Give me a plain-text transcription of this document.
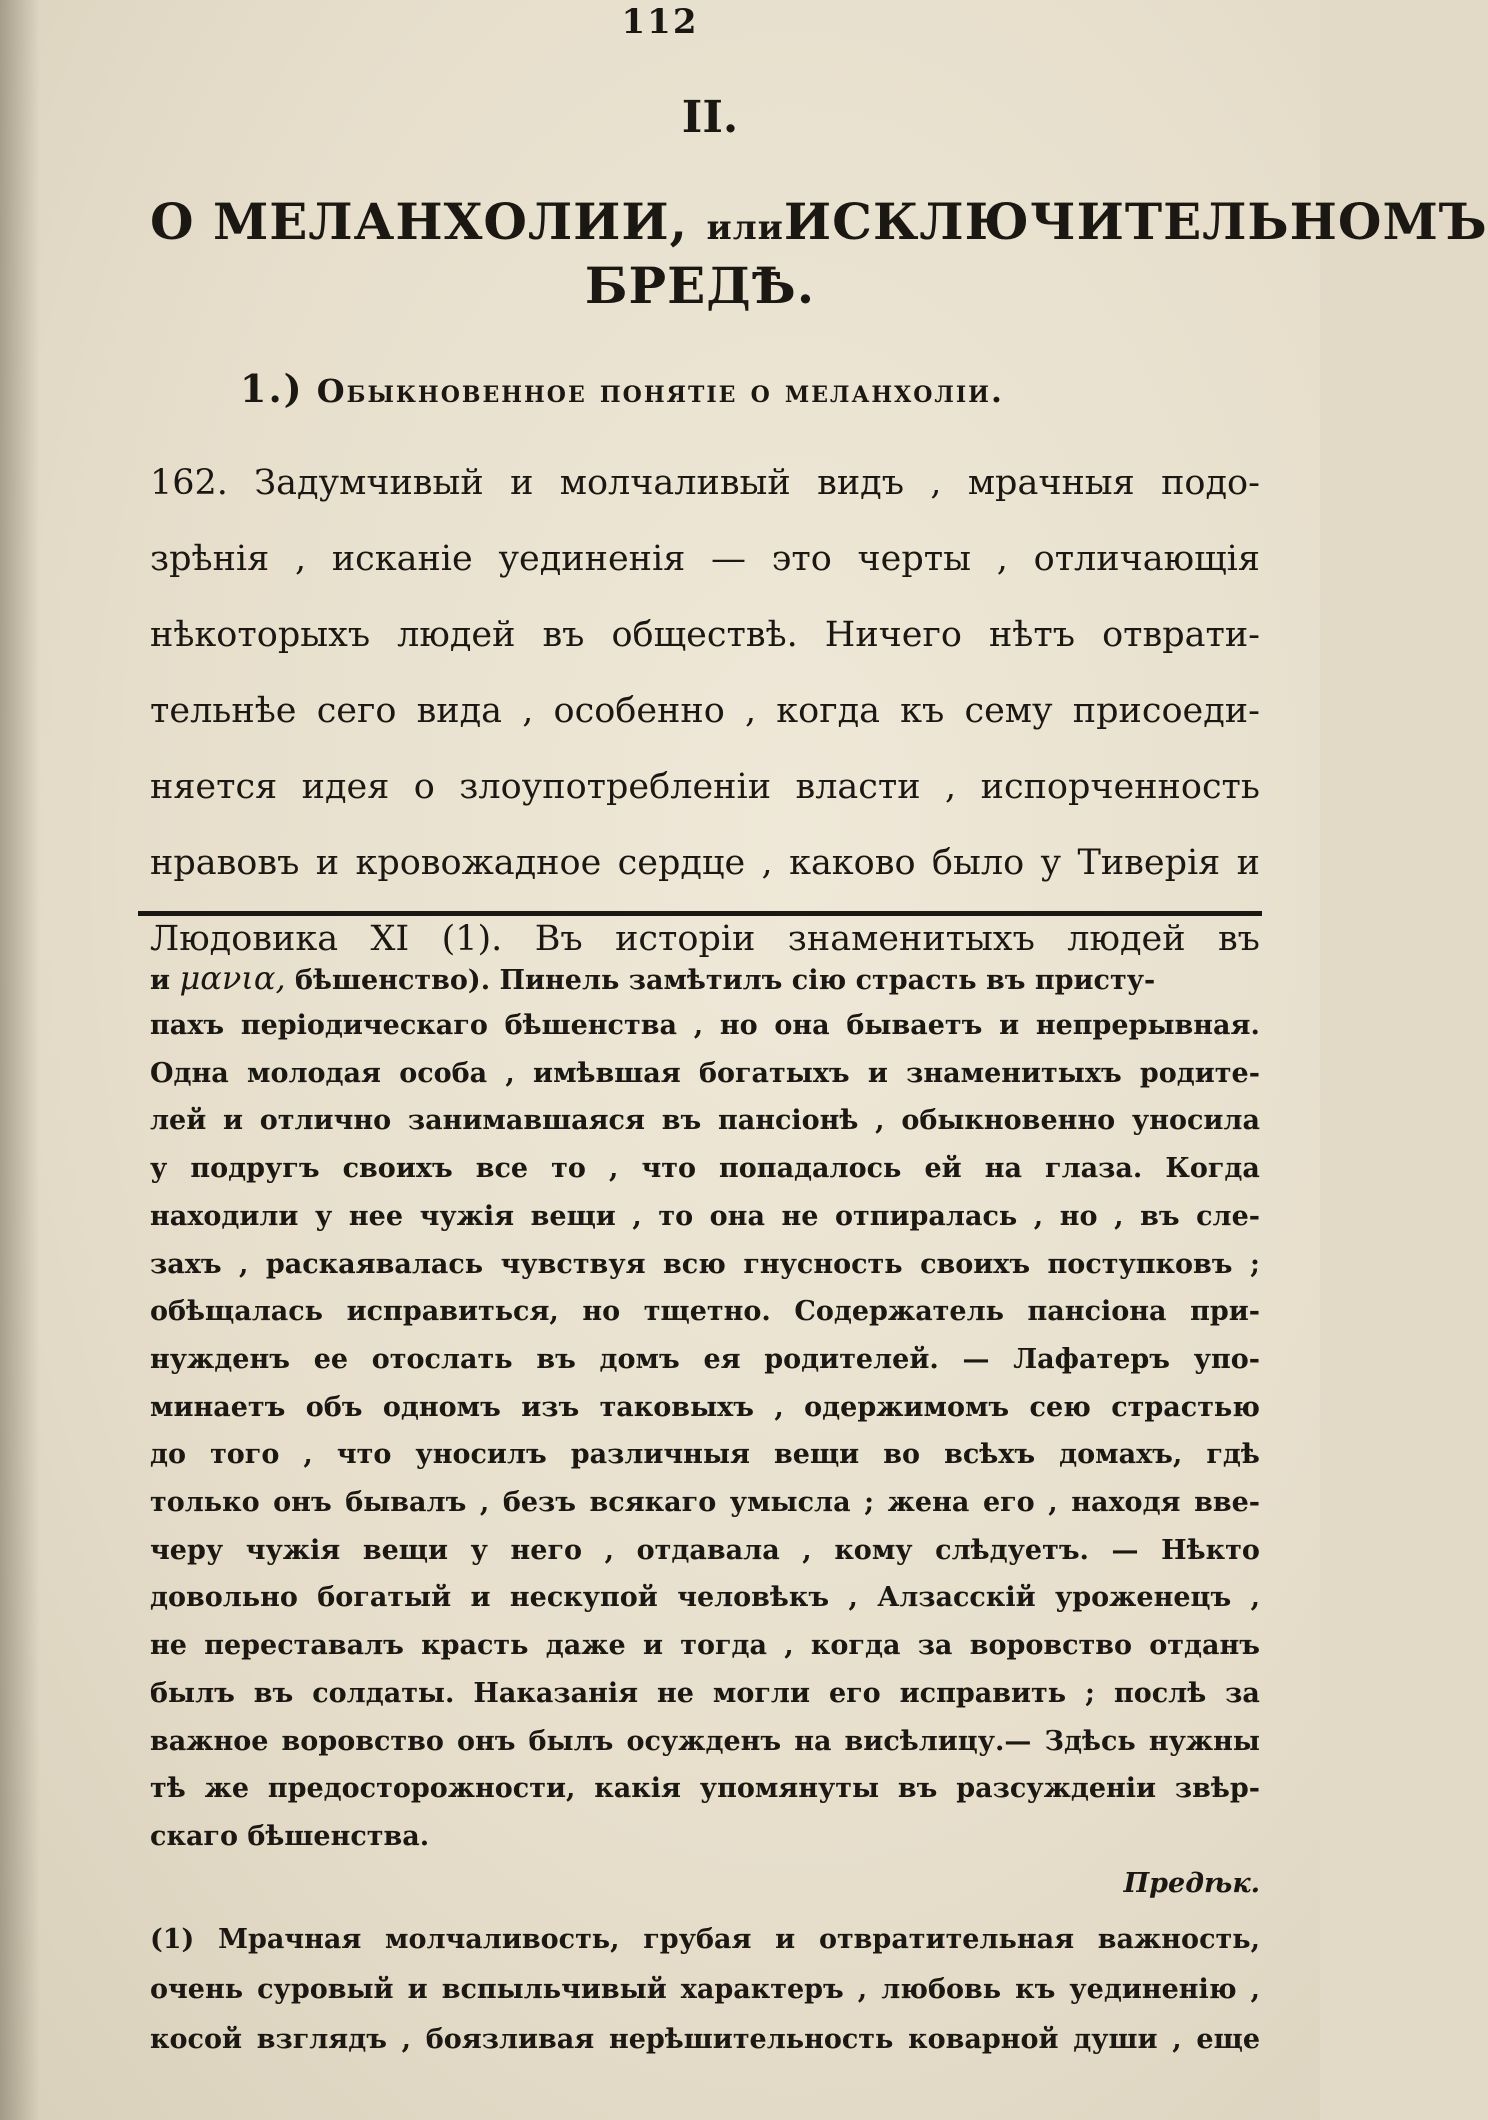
112
II.
О МЕЛАНХОЛИИ, илиИСКЛЮЧИТЕЛЬНОМЪ
БРЕДѢ.
1.) Обыкновенное понятіе о меланхоліи.
162. Задумчивый и молчаливый видъ , мрачныя подо-
зрѣнія , исканіе уединенія — это черты , отличающія
нѣкоторыхъ людей въ обществѣ. Ничего нѣтъ отврати-
тельнѣе сего вида , особенно , когда къ сему присоеди-
няется идея о злоупотребленіи власти , испорченность
нравовъ и кровожадное сердце , каково было у Тиверія и
Людовика XI (1). Въ исторіи знаменитыхъ людей въ
и μανια, бѣшенство). Пинель замѣтилъ сію страсть въ присту-
пахъ періодическаго бѣшенства , но она бываетъ и непрерывная.
Одна молодая особа , имѣвшая богатыхъ и знаменитыхъ родите-
лей и отлично занимавшаяся въ пансіонѣ , обыкновенно уносила
у подругъ своихъ все то , что попадалось ей на глаза. Когда
находили у нее чужія вещи , то она не отпиралась , но , въ сле-
захъ , раскаявалась чувствуя всю гнусность своихъ поступковъ ;
обѣщалась исправиться, но тщетно. Содержатель пансіона при-
нужденъ ее отослать въ домъ ея родителей. — Лафатеръ упо-
минаетъ объ одномъ изъ таковыхъ , одержимомъ сею страстью
до того , что уносилъ различныя вещи во всѣхъ домахъ, гдѣ
только онъ бывалъ , безъ всякаго умысла ; жена его , находя вве-
черу чужія вещи у него , отдавала , кому слѣдуетъ. — Нѣкто
довольно богатый и нескупой человѣкъ , Алзасскій уроженецъ ,
не переставалъ красть даже и тогда , когда за воровство отданъ
былъ въ солдаты. Наказанія не могли его исправить ; послѣ за
важное воровство онъ былъ осужденъ на висѣлицу.— Здѣсь нужны
тѣ же предосторожности, какія упомянуты въ разсужденіи звѣр-
скаго бѣшенства.
Предѣк.
(1) Мрачная молчаливость, грубая и отвратительная важность,
очень суровый и вспыльчивый характеръ , любовь къ уединенію ,
косой взглядъ , боязливая нерѣшительность коварной души , еще
